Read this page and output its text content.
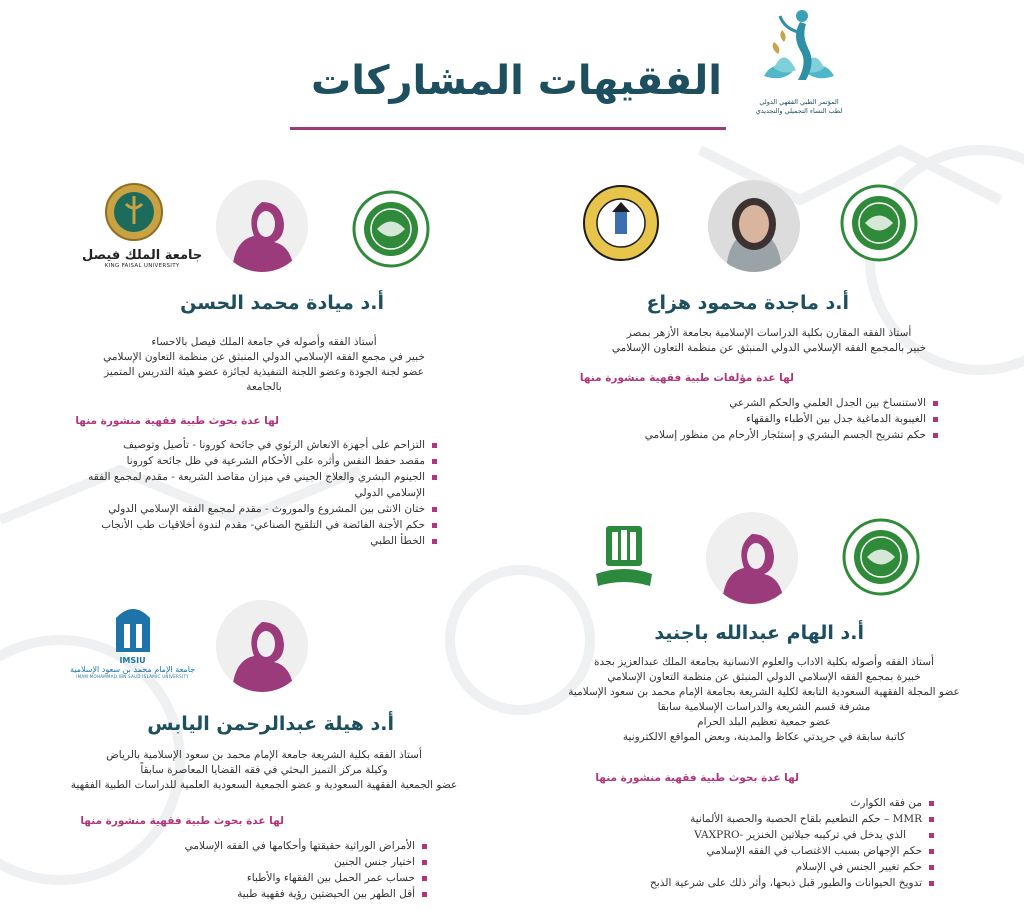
المؤتمر الطبي الفقهي الدولي
لطب النساء التجميلي والتجديدي
الفقيهات المشاركات
أ.د ماجدة محمود هزاع
أستاذ الفقه المقارن بكلية الدراسات الإسلامية بجامعة الأزهر بمصر
خبير بالمجمع الفقه الإسلامي الدولي المنبثق عن منظمة التعاون الإسلامي
لها عدة مؤلفات طبية فقهية منشورة منها
الاستنساخ بين الجدل العلمي والحكم الشرعي
الغيبوبة الدماغية جدل بين الأطباء والفقهاء
حكم تشريح الجسم البشري و إستئجار الأرحام من منظور إسلامي
جامعة الملك فيصل
KING FAISAL UNIVERSITY
أ.د ميادة محمد الحسن
أستاذ الفقه وأصوله في جامعة الملك فيصل بالاحساء
خبير في مجمع الفقه الإسلامي الدولي المنبثق عن منظمة التعاون الإسلامي
عضو لجنة الجودة وعضو اللجنة التنفيذية لجائزة عضو هيئة التدريس المتميز
بالجامعة
لها عدة بحوث طبية فقهية منشورة منها
التزاحم على أجهزة الانعاش الرئوي في جائحة كورونا - تأصيل وتوصيف
مقصد حفظ النفس وأثره على الأحكام الشرعية في ظل جائحة كورونا
الجينوم البشري والعلاج الجيني في ميزان مقاصد الشريعة - مقدم لمجمع الفقه الإسلامي الدولي
ختان الانثى بين المشروع والموروث - مقدم لمجمع الفقه الإسلامي الدولي
حكم الأجنة الفائضة في التلقيح الصناعي- مقدم لندوة أخلاقيات طب الأنجاب
الخطأ الطبي
أ.د الهام عبدالله باجنيد
أستاذ الفقه وأصوله بكلية الاداب والعلوم الانسانية بجامعة الملك عبدالعزيز بجدة
خبيرة بمجمع الفقه الإسلامي الدولي المنبثق عن منظمة التعاون الإسلامي
عضو المجلة الفقهية السعودية التابعة لكلية الشريعة بجامعة الإمام محمد بن سعود الإسلامية
مشرفة قسم الشريعة والدراسات الإسلامية سابقا
عضو جمعية تعظيم البلد الحرام
كاتبة سابقة في جريدتي عكاظ والمدينة، وبعض المواقع الالكترونية
لها عدة بحوث طبية فقهية منشورة منها
من فقه الكوارث
MMR – حكم التطعيم بلقاح الحصبة والحصبة الألمانية
الذي يدخل في تركيبه جيلاتين الخنزير -VAXPRO
حكم الإجهاض بسبب الاغتصاب في الفقه الإسلامي
حكم تغيير الجنس في الإسلام
تدويخ الحيوانات والطيور قبل ذبحها، وأثر ذلك على شرعية الذبح
IMSIU
جامعة الإمام محمد بن سعود الإسلامية
IMAM MOHAMMAD IBN SAUD ISLAMIC UNIVERSITY
أ.د هيلة عبدالرحمن اليابس
أستاذ الفقه بكلية الشريعة جامعة الإمام محمد بن سعود الإسلامية بالرياض
وكيلة مركز التميز البحثي في فقه القضايا المعاصرة سابقاً
عضو الجمعية الفقهية السعودية و عضو الجمعية السعودية العلمية للدراسات الطبية الفقهية
لها عدة بحوث طبية فقهية منشورة منها
الأمراض الوراثية حقيقتها وأحكامها في الفقه الإسلامي
اختيار جنس الجنين
حساب عمر الحمل بين الفقهاء والأطباء
أقل الطهر بين الحيضتين رؤية فقهية طبية
